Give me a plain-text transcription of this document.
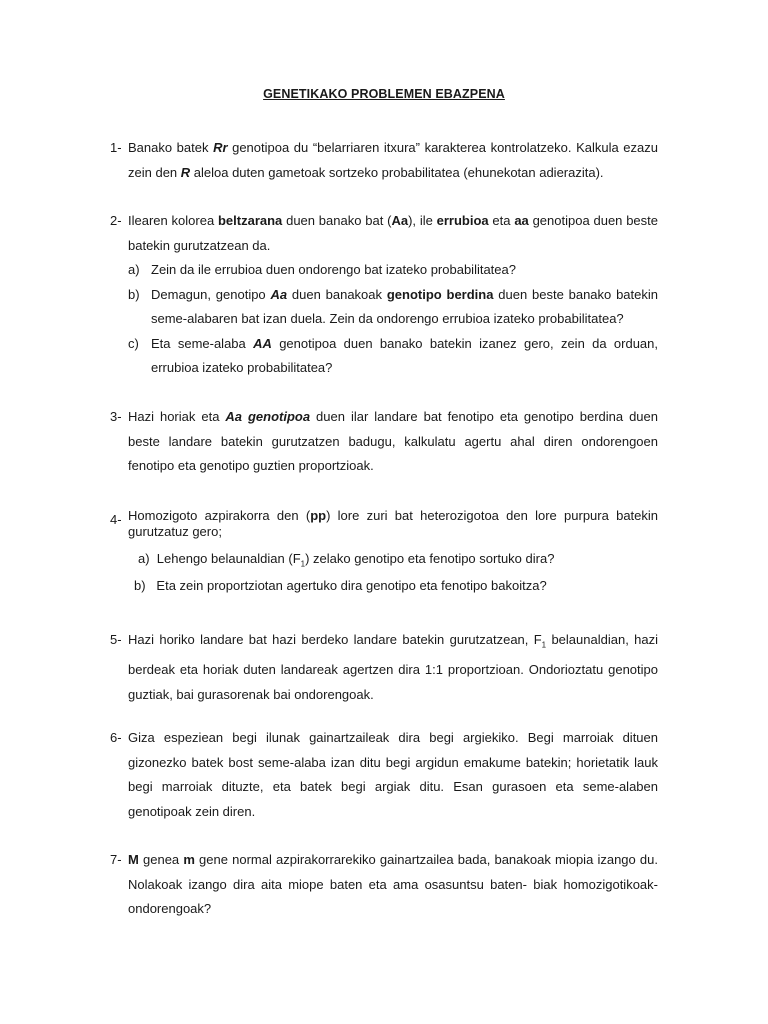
GENETIKAKO PROBLEMEN EBAZPENA
1- Banako batek Rr genotipoa du “belarriaren itxura” karakterea kontrolatzeko. Kalkula ezazu zein den R aleloa duten gametoak sortzeko probabilitatea (ehunekotan adierazita).
2- Ilearen kolorea beltzarana duen banako bat (Aa), ile errubioa eta aa genotipoa duen beste batekin gurutzatzean da.
a) Zein da ile errubioa duen ondorengo bat izateko probabilitatea?
b) Demagun, genotipo Aa duen banakoak genotipo berdina duen beste banako batekin seme-alabaren bat izan duela. Zein da ondorengo errubioa izateko probabilitatea?
c) Eta seme-alaba AA genotipoa duen banako batekin izanez gero, zein da orduan, errubioa izateko probabilitatea?
3- Hazi horiak eta Aa genotipoa duen ilar landare bat fenotipo eta genotipo berdina duen beste landare batekin gurutzatzen badugu, kalkulatu agertu ahal diren ondorengoen fenotipo eta genotipo guztien proportzioak.
4- Homozigoto azpirakorra den (pp) lore zuri bat heterozigotoa den lore purpura batekin gurutzatuz gero;
a) Lehengo belaunaldian $(F_1)$ zelako genotipo eta fenotipo sortuko dira?
b) Eta zein proportziotan agertuko dira genotipo eta fenotipo bakoitza?
5- Hazi horiko landare bat hazi berdeko landare batekin gurutzatzean, $F_1$ belaunaldian, hazi berdeak eta horiak duten landareak agertzen dira 1:1 proportzioan. Ondorioztatu genotipo guztiak, bai gurasorenak bai ondorengoak.
6- Giza espeziean begi ilunak gainartzaileak dira begi argiekiko. Begi marroiak dituen gizonezko batek bost seme-alaba izan ditu begi argidun emakume batekin; horietatik lauk begi marroiak dituzte, eta batek begi argiak ditu. Esan gurasoen eta seme-alaben genotipoak zein diren.
7- M genea m gene normal azpirakorrarekiko gainartzailea bada, banakoak miopia izango du. Nolakoak izango dira aita miope baten eta ama osasuntsu baten- biak homozigotikoak- ondorengoak?
